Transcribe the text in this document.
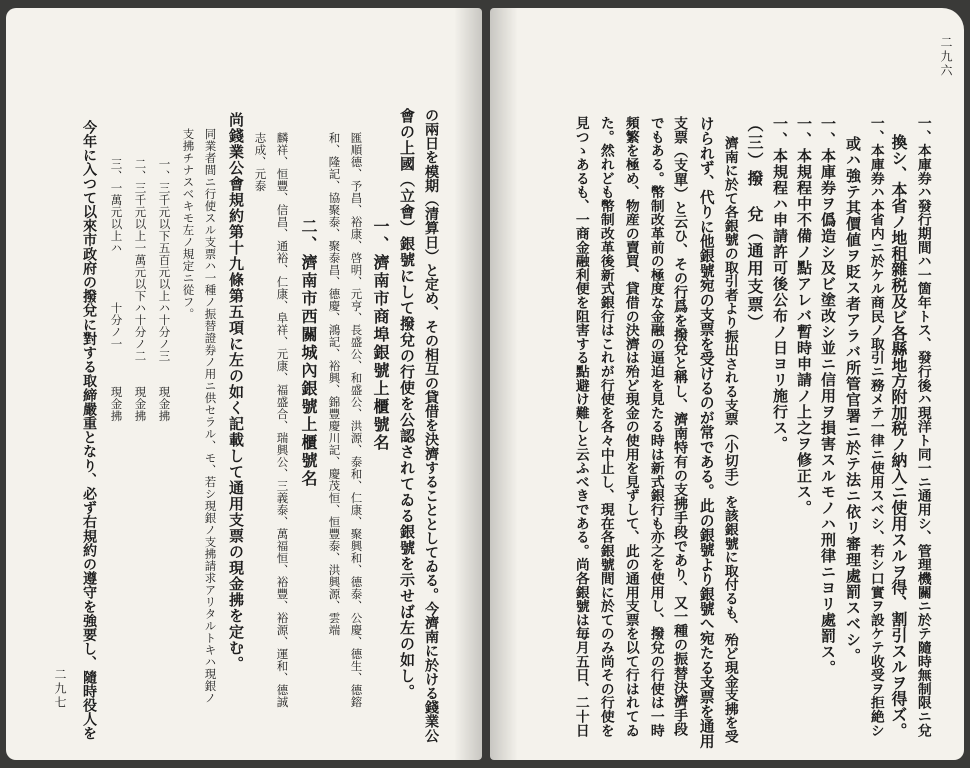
二九六
一、本庫券ハ發行期間ハ一箇年トス、發行後ハ現洋ト同一ニ通用シ、管理機關ニ於テ隨時無制限ニ兌
換シ、本省ノ地租雜税及ビ各縣地方附加税ノ納入ニ使用スルヲ得、割引スルヲ得ズ。
一、本庫券ハ本省内ニ於ケル商民ノ取引ニ務メテ一律ニ使用スベシ、若シ口實ヲ設ケテ收受ヲ拒絶シ
或ハ強テ其價値ヲ貶ス者アラバ所管官署ニ於テ法ニ依リ審理處罰スベシ。
一、本庫券ヲ僞造シ及ビ塗改シ並ニ信用ヲ損害スルモノハ刑律ニヨリ處罰ス。
一、本規程中不備ノ點アレバ暫時申請ノ上之ヲ修正ス。
一、本規程ハ申請許可後公布ノ日ヨリ施行ス。
（三）撥　兌（通用支票）
濟南に於て各銀號の取引者より振出される支票（小切手）を該銀號に取付るも、殆ど現金支拂を受
けられず、代りに他銀號宛の支票を受けるのが常である。此の銀號より銀號へ宛たる支票を通用
支票（支單）と云ひ、その行爲を撥兌と稱し、濟南特有の支拂手段であり、又一種の振替決濟手段
でもある。幣制改革前の極度な金融の逼迫を見たる時は新式銀行も亦之を使用し、撥兌の行使は一時
頻繁を極め、物産の賣買、貸借の決濟は殆ど現金の使用を見ずして、此の通用支票を以て行はれてゐ
た。然れども幣制改革後新式銀行はこれが行使を各々中止し、現在各銀號間に於てのみ尚その行使を
見つゝあるも、一商金融利便を阻害する點避け難しと云ふべきである。尚各銀號は毎月五日、二十日
の兩日を模期（清算日）と定め、その相互の貸借を決濟することとしてゐる。今濟南に於ける錢業公
會の上國（立會）銀號にして撥兌の行使を公認されてゐる銀號を示せば左の如し。
一、濟南市商埠銀號上櫃號名
匯順德、予昌、裕康、啓明、元亨、長盛公、和盛公、洪源、泰和、仁康、聚興和、德泰、公慶、德生、德鎔
和、隆記、協聚泰、聚泰昌、德慶、鴻記、裕興、錦豐慶川記、慶茂恒、恒豐泰、洪興源、雲端
二、濟南市西關城內銀號上櫃號名
麟祥、恒豐、信昌、通裕、仁康、阜祥、元康、福盛合、瑞興公、三義泰、萬福恒、裕豐、裕源、運和、德誠
志成、元泰
尚錢業公會規約第十九條第五項に左の如く記載して通用支票の現金拂を定む。
同業者間ニ行使スル支票ハ一種ノ振替證券ノ用ニ供セラル、モ、若シ現銀ノ支拂請求アリタルトキハ現銀ノ
支拂チナスベキモ左ノ規定ニ從フ。
一、三千元以下五百元以上ハ十分ノ三　　現金拂
二、三千元以上一萬元以下ハ十分ノ二　　現金拂
三、一萬元以上ハ　　　　十分ノ一　　　現金拂
今年に入つて以來市政府の撥兌に對する取締嚴重となり、必ず右規約の遵守を強要し、隨時役人を
二九七
